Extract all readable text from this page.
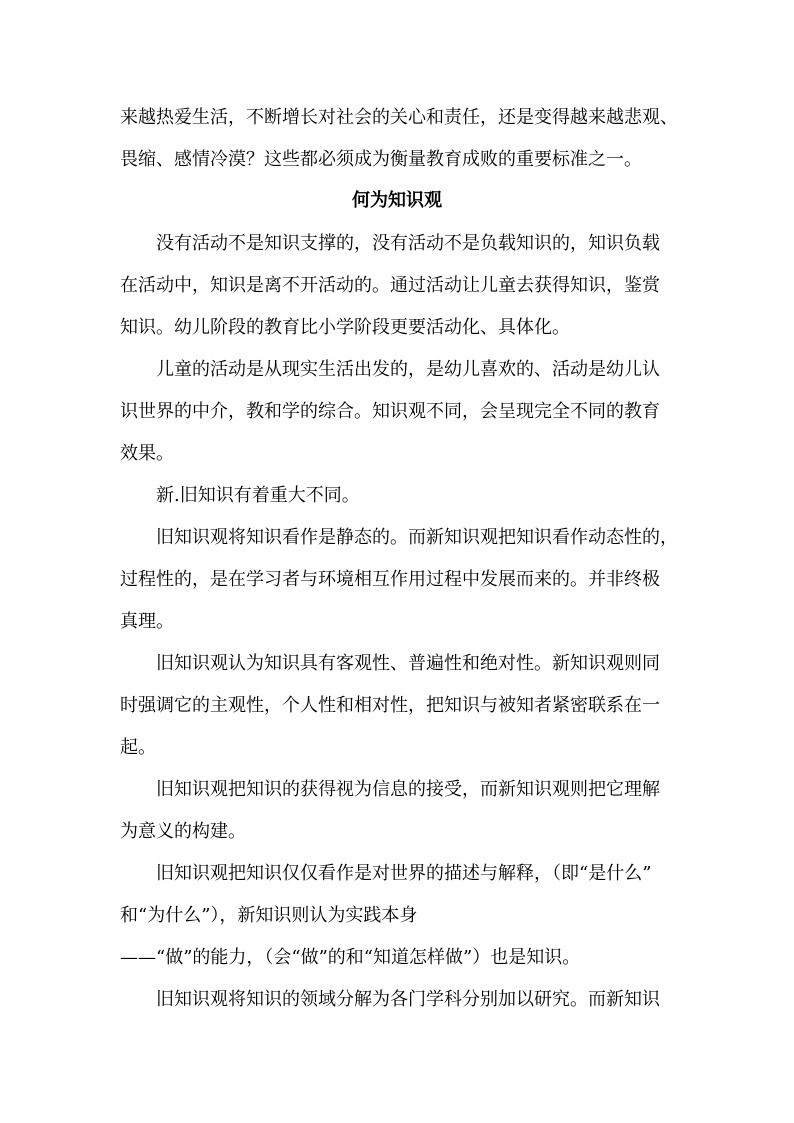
来越热爱生活，不断增长对社会的关心和责任，还是变得越来越悲观、
畏缩、感情冷漠？这些都必须成为衡量教育成败的重要标准之一。
何为知识观
没有活动不是知识支撑的，没有活动不是负载知识的，知识负载
在活动中，知识是离不开活动的。通过活动让儿童去获得知识，鉴赏
知识。幼儿阶段的教育比小学阶段更要活动化、具体化。
儿童的活动是从现实生活出发的，是幼儿喜欢的、活动是幼儿认
识世界的中介，教和学的综合。知识观不同，会呈现完全不同的教育
效果。
新.旧知识有着重大不同。
旧知识观将知识看作是静态的。而新知识观把知识看作动态性的，
过程性的，是在学习者与环境相互作用过程中发展而来的。并非终极
真理。
旧知识观认为知识具有客观性、普遍性和绝对性。新知识观则同
时强调它的主观性，个人性和相对性，把知识与被知者紧密联系在一
起。
旧知识观把知识的获得视为信息的接受，而新知识观则把它理解
为意义的构建。
旧知识观把知识仅仅看作是对世界的描述与解释，（即“是什么”
和“为什么”），新知识则认为实践本身
——“做”的能力，（会“做”的和“知道怎样做”）也是知识。
旧知识观将知识的领域分解为各门学科分别加以研究。而新知识
